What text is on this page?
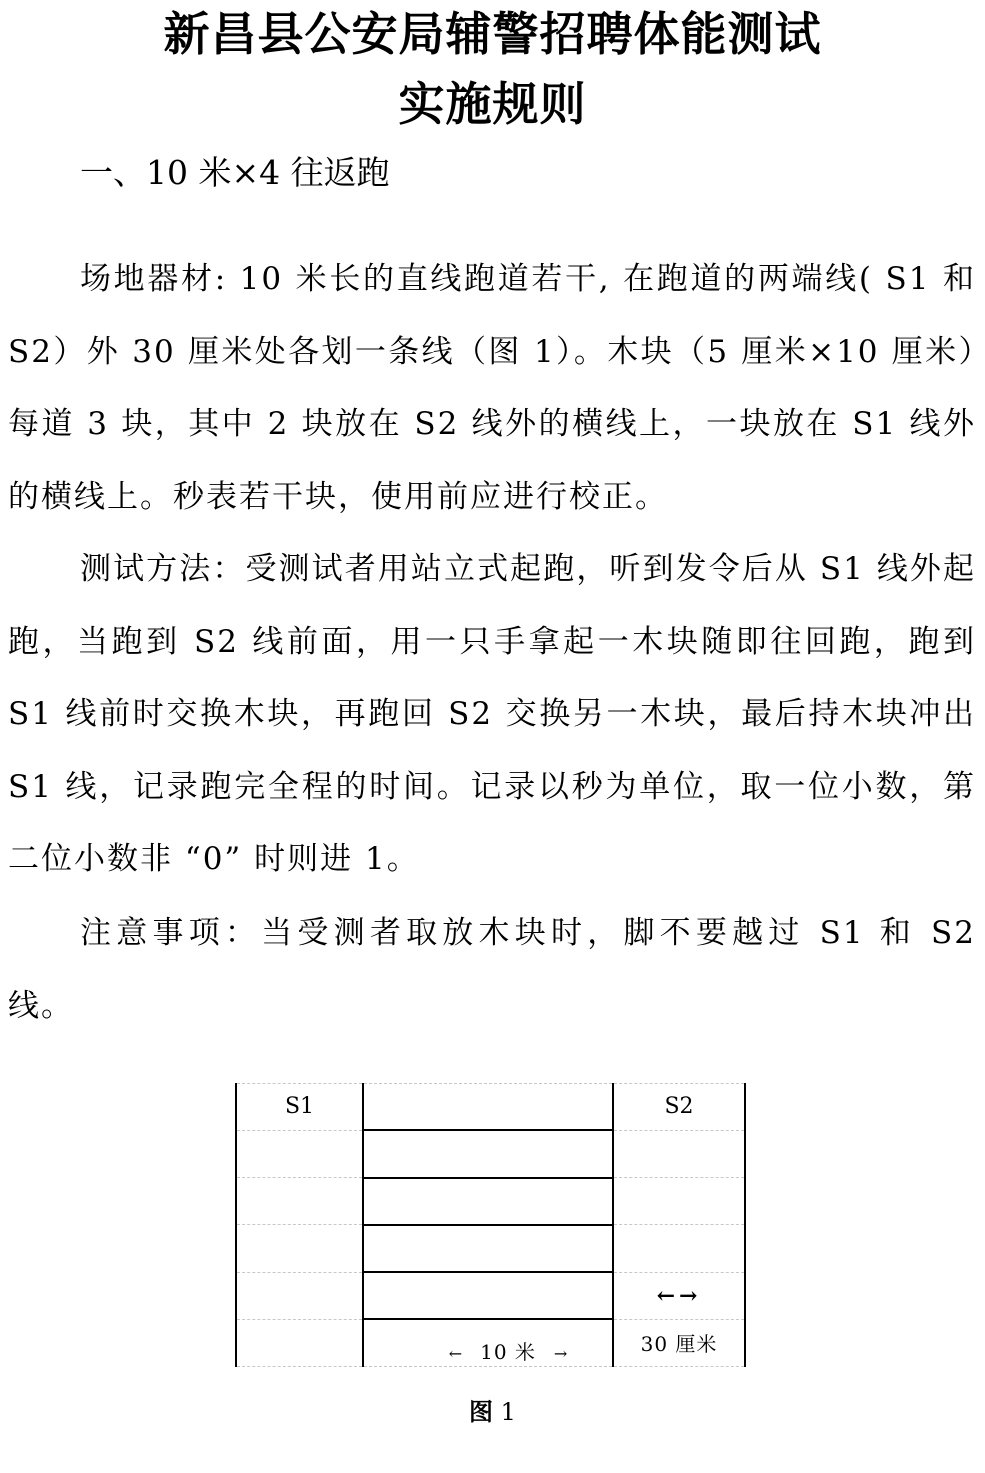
新昌县公安局辅警招聘体能测试
实施规则
一、10 米×4 往返跑

场地器材: 10 米长的直线跑道若干, 在跑道的两端线( S1 和 S2）外 30 厘米处各划一条线（图 1）。木块（5 厘米×10 厘米）每道 3 块，其中 2 块放在 S2 线外的横线上，一块放在 S1 线外的横线上。秒表若干块，使用前应进行校正。

测试方法：受测试者用站立式起跑，听到发令后从 S1 线外起跑，当跑到 S2 线前面，用一只手拿起一木块随即往回跑，跑到 S1 线前时交换木块，再跑回 S2 交换另一木块，最后持木块冲出 S1 线，记录跑完全程的时间。记录以秒为单位，取一位小数，第二位小数非 “0” 时则进 1。

注意事项：当受测者取放木块时，脚不要越过 S1 和 S2 线。

S1		S2

		←→
	← 10 米 →	30 厘米
图 1
